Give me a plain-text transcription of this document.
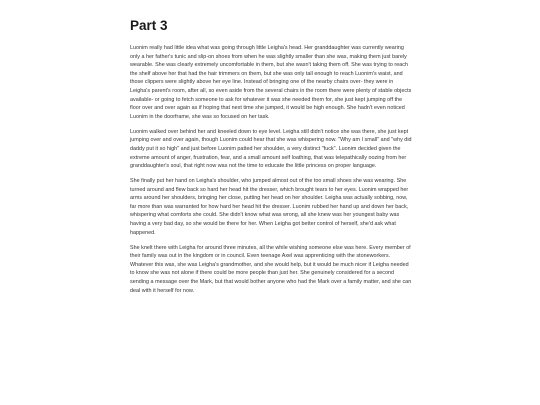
Part 3

Luonim really had little idea what was going through little Leigha's head. Her granddaughter was currently wearing only a her father's tunic and slip-on shoes from when he was slightly smaller than she was, making them just barely wearable. She was clearly extremely uncomfortable in them, but she wasn't taking them off. She was trying to reach the shelf above her that had the hair trimmers on them, but she was only tall enough to reach Luonim's waist, and those clippers were slightly above her eye line. Instead of bringing one of the nearby chairs over- they were in Leigha's parent's room, after all, so even aside from the several chairs in the room there were plenty of stable objects available- or going to fetch someone to ask for whatever it was she needed them for, she just kept jumping off the floor over and over again as if hoping that next time she jumped, it would be high enough. She hadn't even noticed Luonim in the doorframe, she was so focused on her task.

Luonim walked over behind her and kneeled down to eye level. Leigha still didn't notice she was there, she just kept jumping over and over again, though Luonim could hear that she was whispering now. "Why am I small" and "why did daddy put it so high" and just before Luonim patted her shoulder, a very distinct "fuck". Luonim decided given the extreme amount of anger, frustration, fear, and a small amount self loathing, that was telepathically oozing from her granddaughter's soul, that right now was not the time to educate the little princess on proper language.

She finally put her hand on Leigha's shoulder, who jumped almost out of the too small shoes she was wearing. She turned around and flew back so hard her head hit the dresser, which brought tears to her eyes. Luonim wrapped her arms around her shoulders, bringing her close, putting her head on her shoulder. Leigha was actually sobbing, now, far more than was warranted for how hard her head hit the dresser. Luonim rubbed her hand up and down her back, whispering what comforts she could. She didn't know what was wrong, all she knew was her youngest baby was having a very bad day, so she would be there for her. When Leigha got better control of herself, she'd ask what happened.

She knelt there with Leigha for around three minutes, all the while wishing someone else was here. Every member of their family was out in the kingdom or in council. Even teenage Axel was apprenticing with the stoneworkers. Whatever this was, she was Leigha's grandmother, and she would help, but it would be much nicer if Leigha needed to know she was not alone if there could be more people than just her. She genuinely considered for a second sending a message over the Mark, but that would bother anyone who had the Mark over a family matter, and she can deal with it herself for now.
